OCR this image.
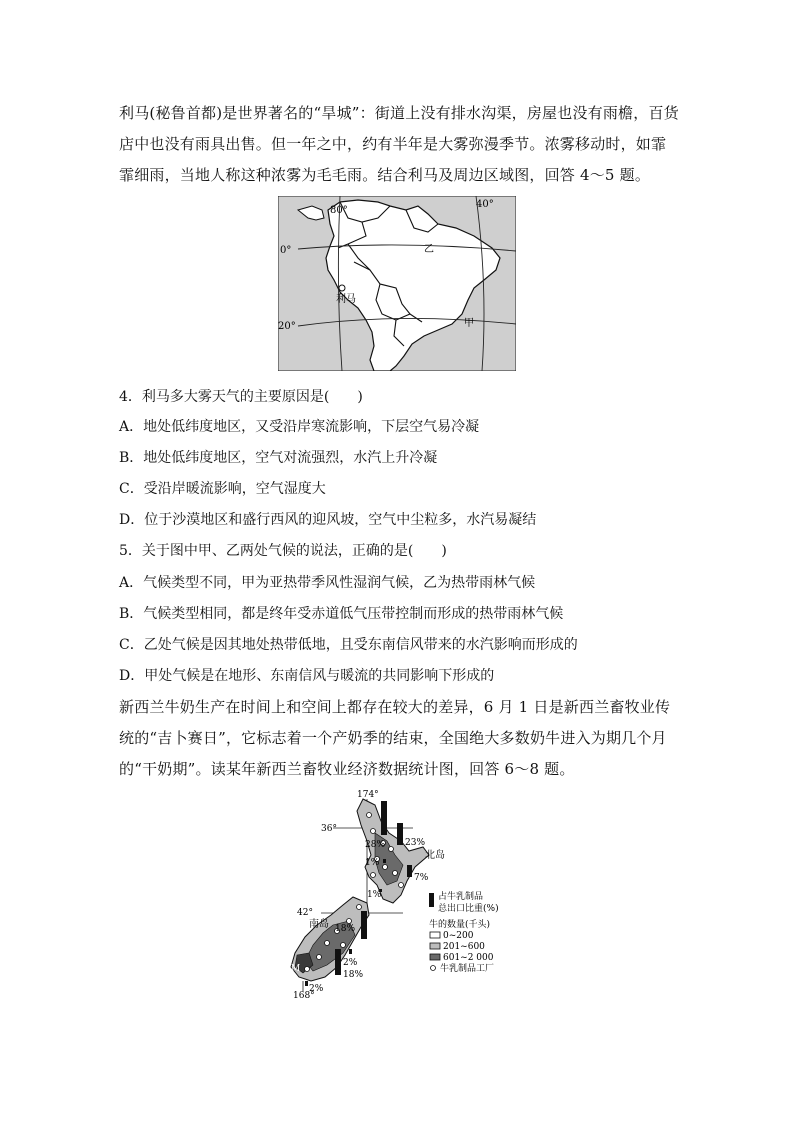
利马(秘鲁首都)是世界著名的“旱城”：街道上没有排水沟渠，房屋也没有雨檐，百货店中也没有雨具出售。但一年之中，约有半年是大雾弥漫季节。浓雾移动时，如霏霏细雨，当地人称这种浓雾为毛毛雨。结合利马及周边区域图，回答 4～5 题。
80°
40°
0°
20°
利马
乙
甲
4．利马多大雾天气的主要原因是(　　)
A．地处低纬度地区，又受沿岸寒流影响，下层空气易冷凝
B．地处低纬度地区，空气对流强烈，水汽上升冷凝
C．受沿岸暖流影响，空气湿度大
D．位于沙漠地区和盛行西风的迎风坡，空气中尘粒多，水汽易凝结
5．关于图中甲、乙两处气候的说法，正确的是(　　)
A．气候类型不同，甲为亚热带季风性湿润气候，乙为热带雨林气候
B．气候类型相同，都是终年受赤道低气压带控制而形成的热带雨林气候
C．乙处气候是因其地处热带低地，且受东南信风带来的水汽影响而形成的
D．甲处气候是在地形、东南信风与暖流的共同影响下形成的
新西兰牛奶生产在时间上和空间上都存在较大的差异，6 月 1 日是新西兰畜牧业传统的“吉卜赛日”，它标志着一个产奶季的结束，全国绝大多数奶牛进入为期几个月的“干奶期”。读某年新西兰畜牧业经济数据统计图，回答 6～8 题。
174°
36°
42°
168°
北岛
南岛
M
28% 23%
1%
7%
1%
18%
2%
18%
2%
占牛乳制品
总出口比重(%)
牛的数量(千头)
0~200
201~600
601~2 000
牛乳制品工厂
